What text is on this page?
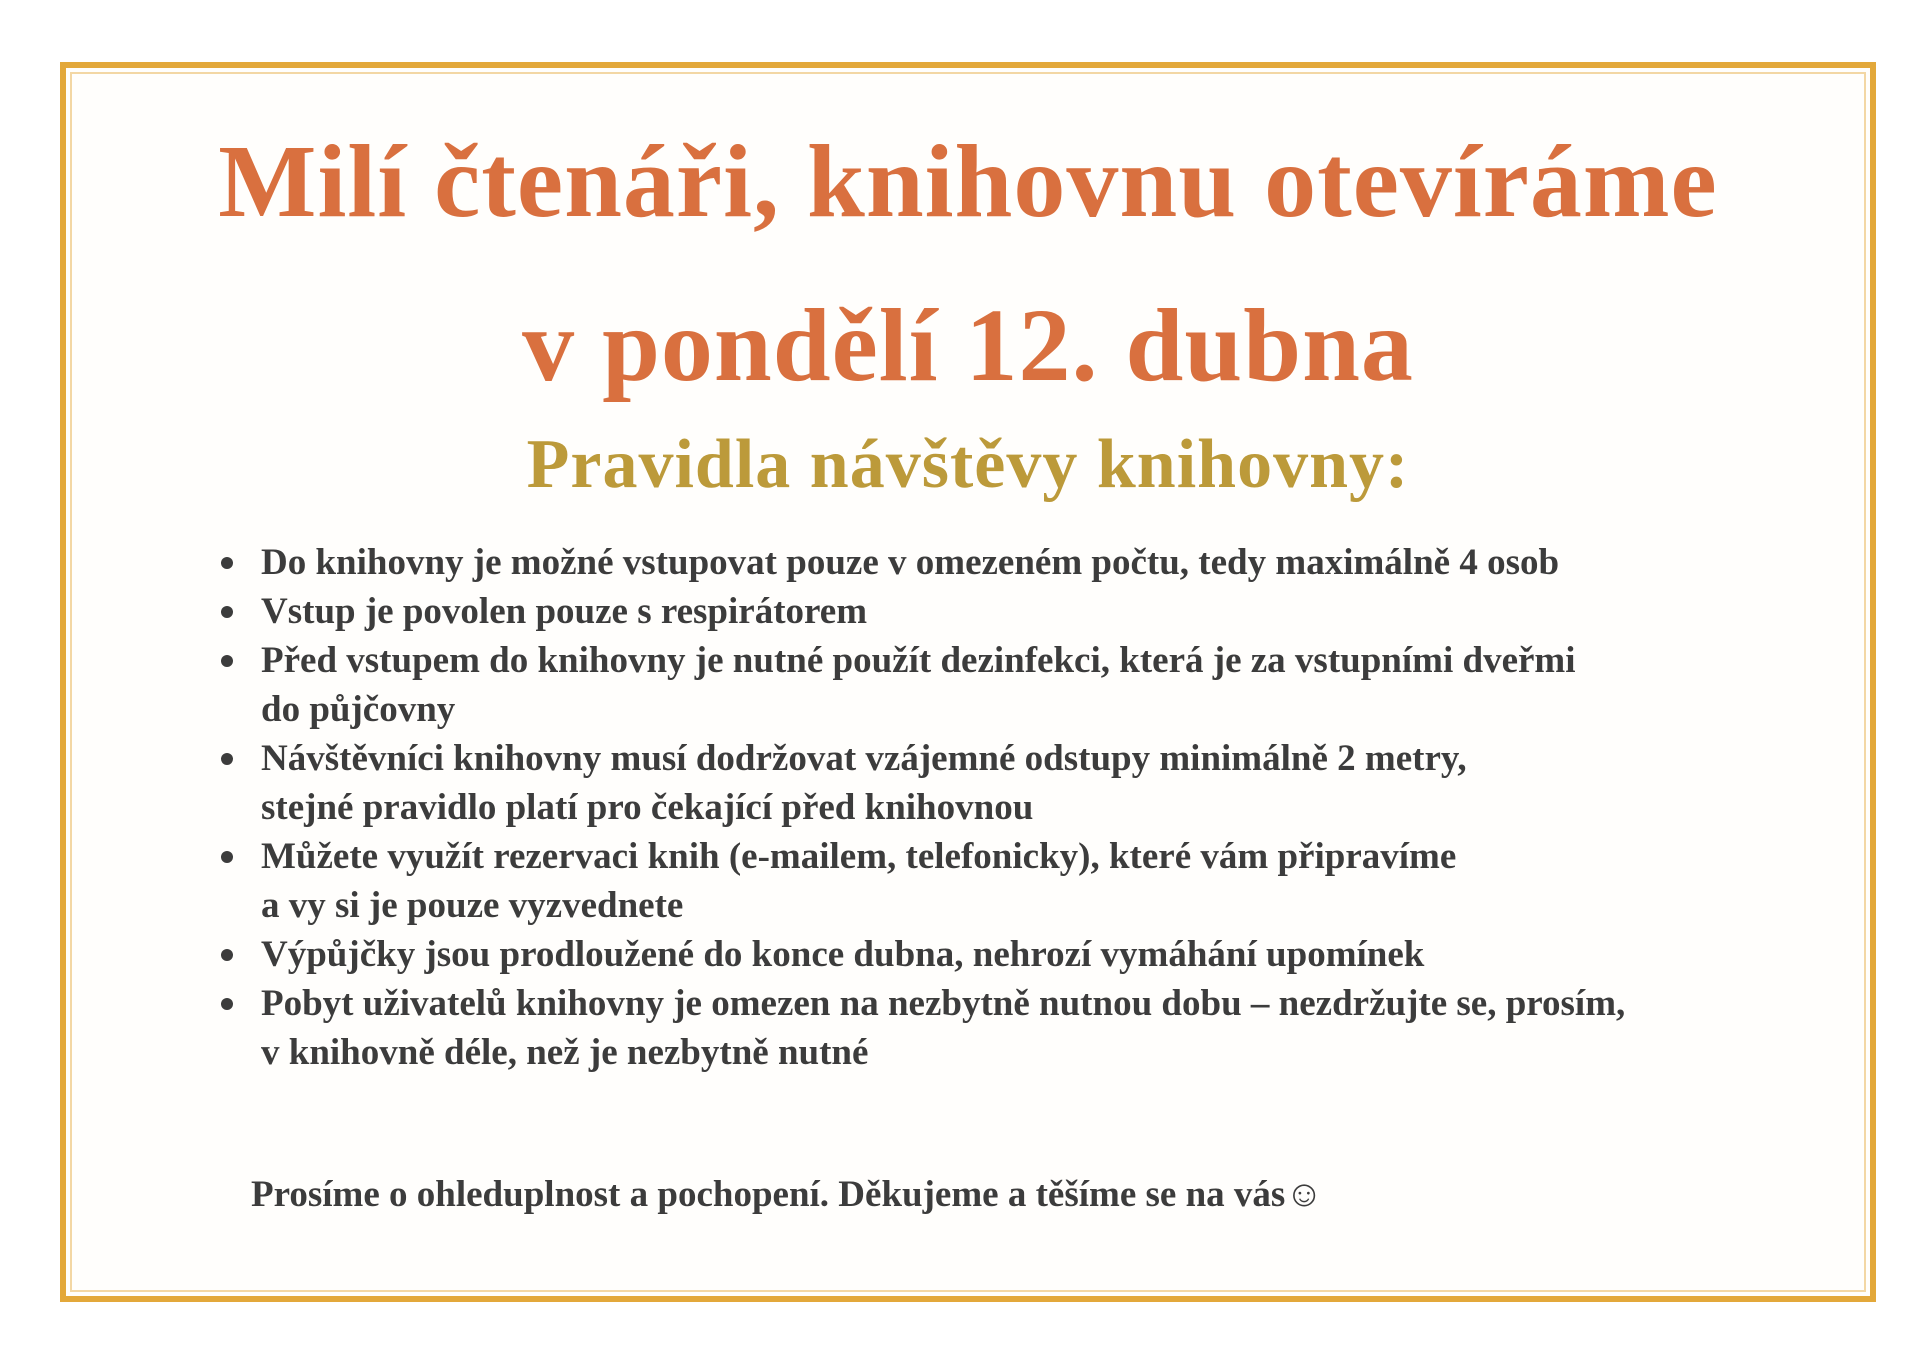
Milí čtenáři, knihovnu otevíráme
v pondělí 12. dubna
Pravidla návštěvy knihovny:
Do knihovny je možné vstupovat pouze v omezeném počtu, tedy maximálně 4 osob
Vstup je povolen pouze s respirátorem
Před vstupem do knihovny je nutné použít dezinfekci, která je za vstupními dveřmi
do půjčovny
Návštěvníci knihovny musí dodržovat vzájemné odstupy minimálně 2 metry,
stejné pravidlo platí pro čekající před knihovnou
Můžete využít rezervaci knih (e-mailem, telefonicky), které vám připravíme
a vy si je pouze vyzvednete
Výpůjčky jsou prodloužené do konce dubna, nehrozí vymáhání upomínek
Pobyt uživatelů knihovny je omezen na nezbytně nutnou dobu – nezdržujte se, prosím,
v knihovně déle, než je nezbytně nutné

Prosíme o ohleduplnost a pochopení. Děkujeme a těšíme se na vás☺
